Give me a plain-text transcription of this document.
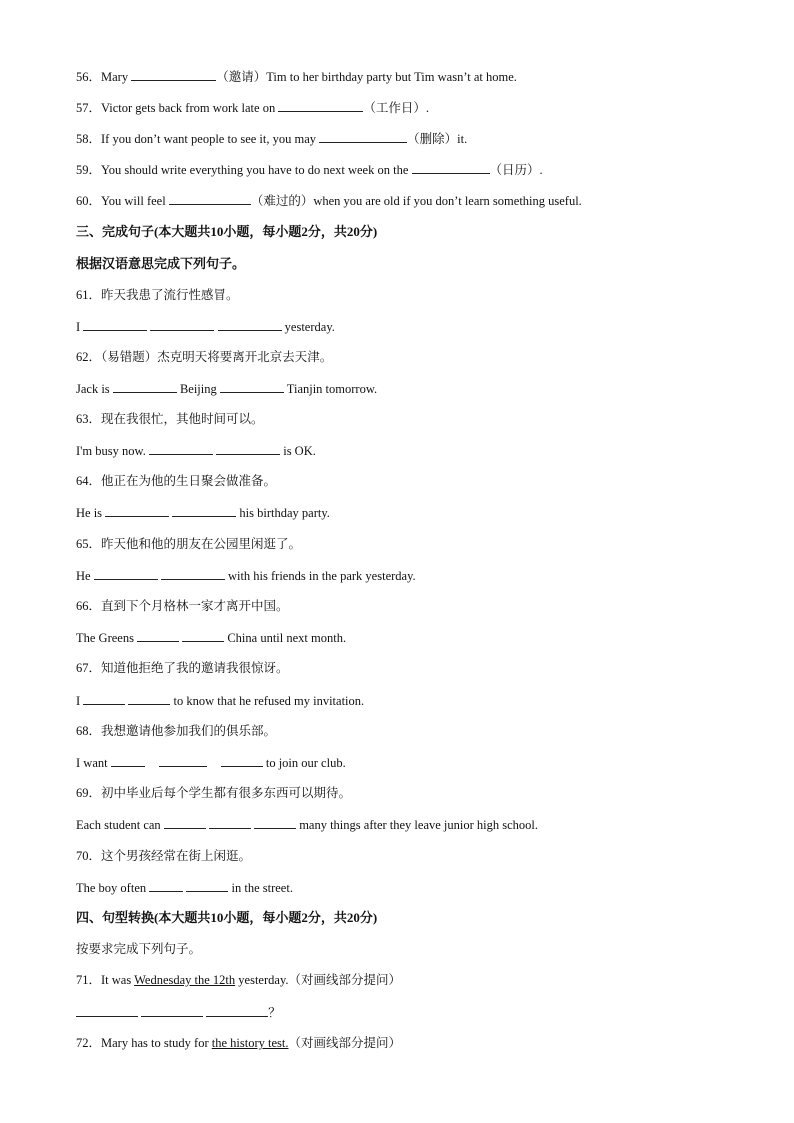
56．Mary	（邀请）Tim to her birthday party but Tim wasn’t at home.
57．Victor gets back from work late on	（工作日）.
58．If you don’t want people to see it, you may	（删除）it.
59．You should write everything you have to do next week on the	（日历）.
60．You will feel	（难过的）when you are old if you don’t learn something useful.
三、完成句子(本大题共10小题，每小题2分，共20分)
根据汉语意思完成下列句子。
61．昨天我患了流行性感冒。
I	yesterday.
62．（易错题）杰克明天将要离开北京去天津。
Jack is	Beijing	Tianjin tomorrow.
63．现在我很忙，其他时间可以。
I'm busy now.	is OK.
64．他正在为他的生日聚会做准备。
He is	his birthday party.
65．昨天他和他的朋友在公园里闲逛了。
He	with his friends in the park yesterday.
66．直到下个月格林一家才离开中国。
The Greens	China until next month.
67．知道他拒绝了我的邀请我很惊讶。
I	to know that he refused my invitation.
68．我想邀请他参加我们的俱乐部。
I want	to join our club.
69．初中毕业后每个学生都有很多东西可以期待。
Each student can	many things after they leave junior high school.
70．这个男孩经常在街上闲逛。
The boy often	in the street.
四、句型转换(本大题共10小题，每小题2分，共20分)
按要求完成下列句子。
71．It was Wednesday the 12th yesterday.（对画线部分提问）
？
72．Mary has to study for the history test.（对画线部分提问）
